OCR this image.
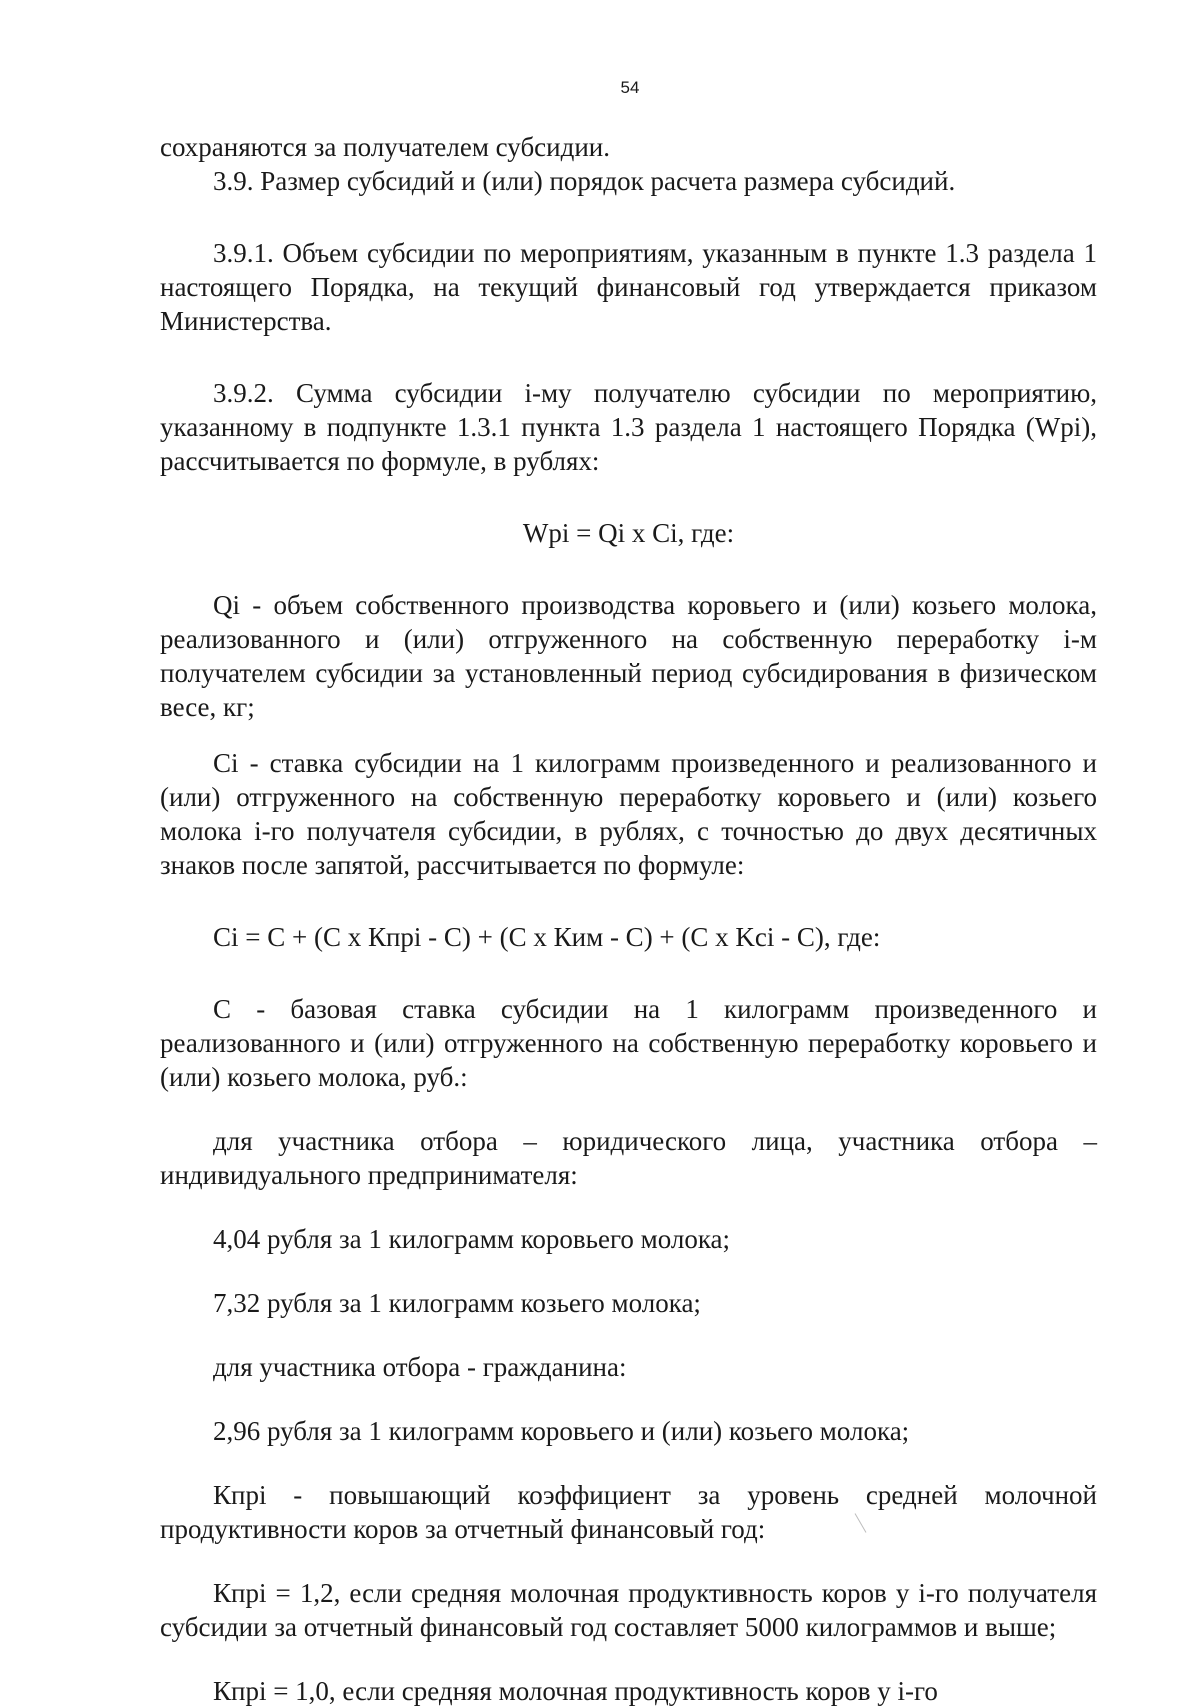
54

сохраняются за получателем субсидии.

3.9. Размер субсидий и (или) порядок расчета размера субсидий.

3.9.1. Объем субсидии по мероприятиям, указанным в пункте 1.3 раздела 1 настоящего Порядка, на текущий финансовый год утверждается приказом Министерства.

3.9.2. Сумма субсидии i-му получателю субсидии по мероприятию, указанному в подпункте 1.3.1 пункта 1.3 раздела 1 настоящего Порядка (Wpi), рассчитывается по формуле, в рублях:

Wpi = Qi x Ci, где:

Qi - объем собственного производства коровьего и (или) козьего молока, реализованного и (или) отгруженного на собственную переработку i-м получателем субсидии за установленный период субсидирования в физическом весе, кг;

Ci - ставка субсидии на 1 килограмм произведенного и реализованного и (или) отгруженного на собственную переработку коровьего и (или) козьего молока i-го получателя субсидии, в рублях, с точностью до двух десятичных знаков после запятой, рассчитывается по формуле:

Ci = C + (C x Кпрi - C) + (C x Ким - C) + (C x Kci - C), где:

C - базовая ставка субсидии на 1 килограмм произведенного и реализованного и (или) отгруженного на собственную переработку коровьего и (или) козьего молока, руб.:

для участника отбора – юридического лица, участника отбора – индивидуального предпринимателя:

4,04 рубля за 1 килограмм коровьего молока;

7,32 рубля за 1 килограмм козьего молока;

для участника отбора - гражданина:

2,96 рубля за 1 килограмм коровьего и (или) козьего молока;

Кпрi - повышающий коэффициент за уровень средней молочной продуктивности коров за отчетный финансовый год:

Кпрi = 1,2, если средняя молочная продуктивность коров у i-го получателя субсидии за отчетный финансовый год составляет 5000 килограммов и выше;

Кпрi = 1,0, если средняя молочная продуктивность коров у i-го
